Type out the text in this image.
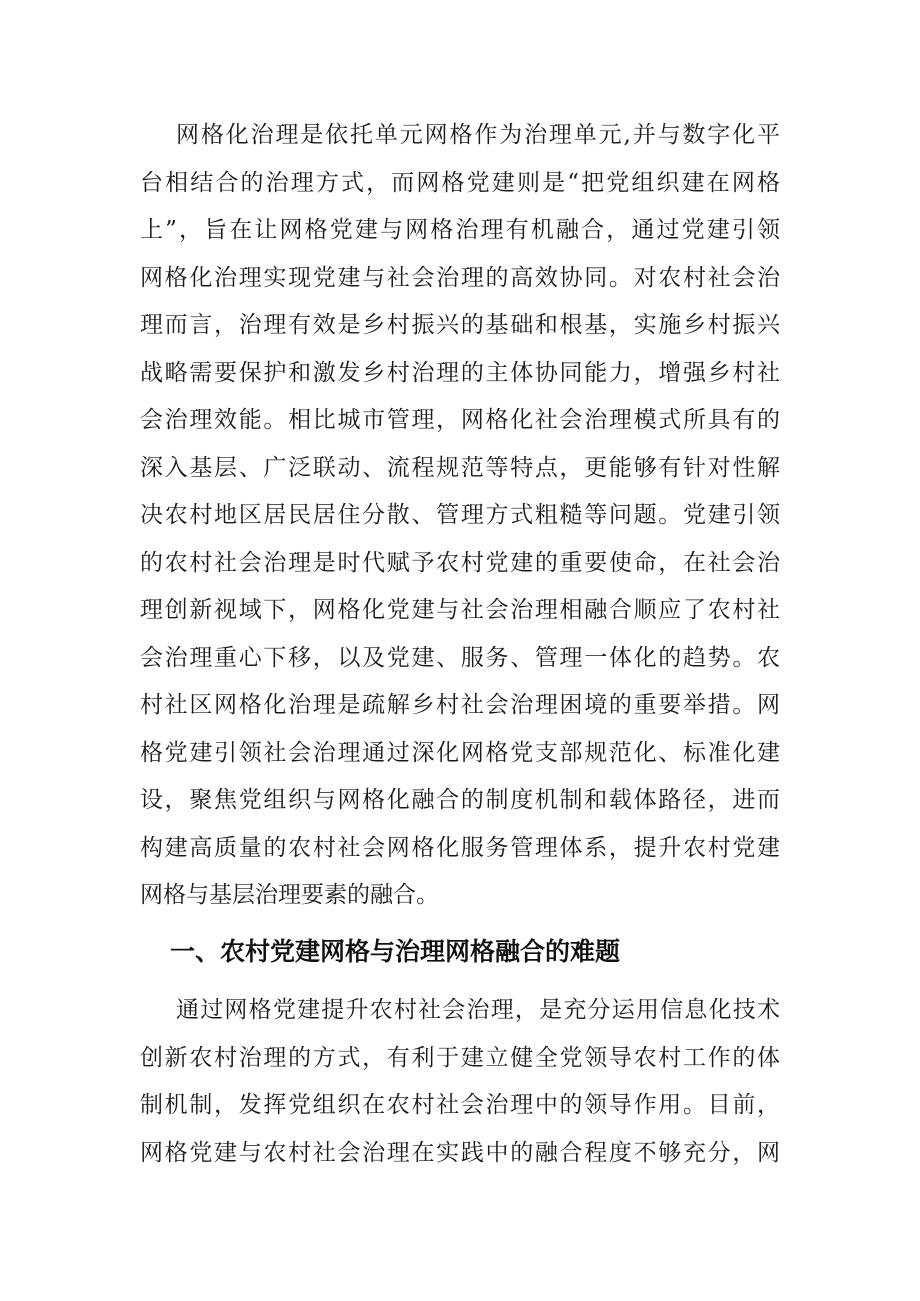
网格化治理是依托单元网格作为治理单元,并与数字化平
台相结合的治理方式，而网格党建则是“把党组织建在网格
上”，旨在让网格党建与网格治理有机融合，通过党建引领
网格化治理实现党建与社会治理的高效协同。对农村社会治
理而言，治理有效是乡村振兴的基础和根基，实施乡村振兴
战略需要保护和激发乡村治理的主体协同能力，增强乡村社
会治理效能。相比城市管理，网格化社会治理模式所具有的
深入基层、广泛联动、流程规范等特点，更能够有针对性解
决农村地区居民居住分散、管理方式粗糙等问题。党建引领
的农村社会治理是时代赋予农村党建的重要使命，在社会治
理创新视域下，网格化党建与社会治理相融合顺应了农村社
会治理重心下移，以及党建、服务、管理一体化的趋势。农
村社区网格化治理是疏解乡村社会治理困境的重要举措。网
格党建引领社会治理通过深化网格党支部规范化、标准化建
设，聚焦党组织与网格化融合的制度机制和载体路径，进而
构建高质量的农村社会网格化服务管理体系，提升农村党建
网格与基层治理要素的融合。
一、农村党建网格与治理网格融合的难题
通过网格党建提升农村社会治理，是充分运用信息化技术
创新农村治理的方式，有利于建立健全党领导农村工作的体
制机制，发挥党组织在农村社会治理中的领导作用。目前，
网格党建与农村社会治理在实践中的融合程度不够充分，网
